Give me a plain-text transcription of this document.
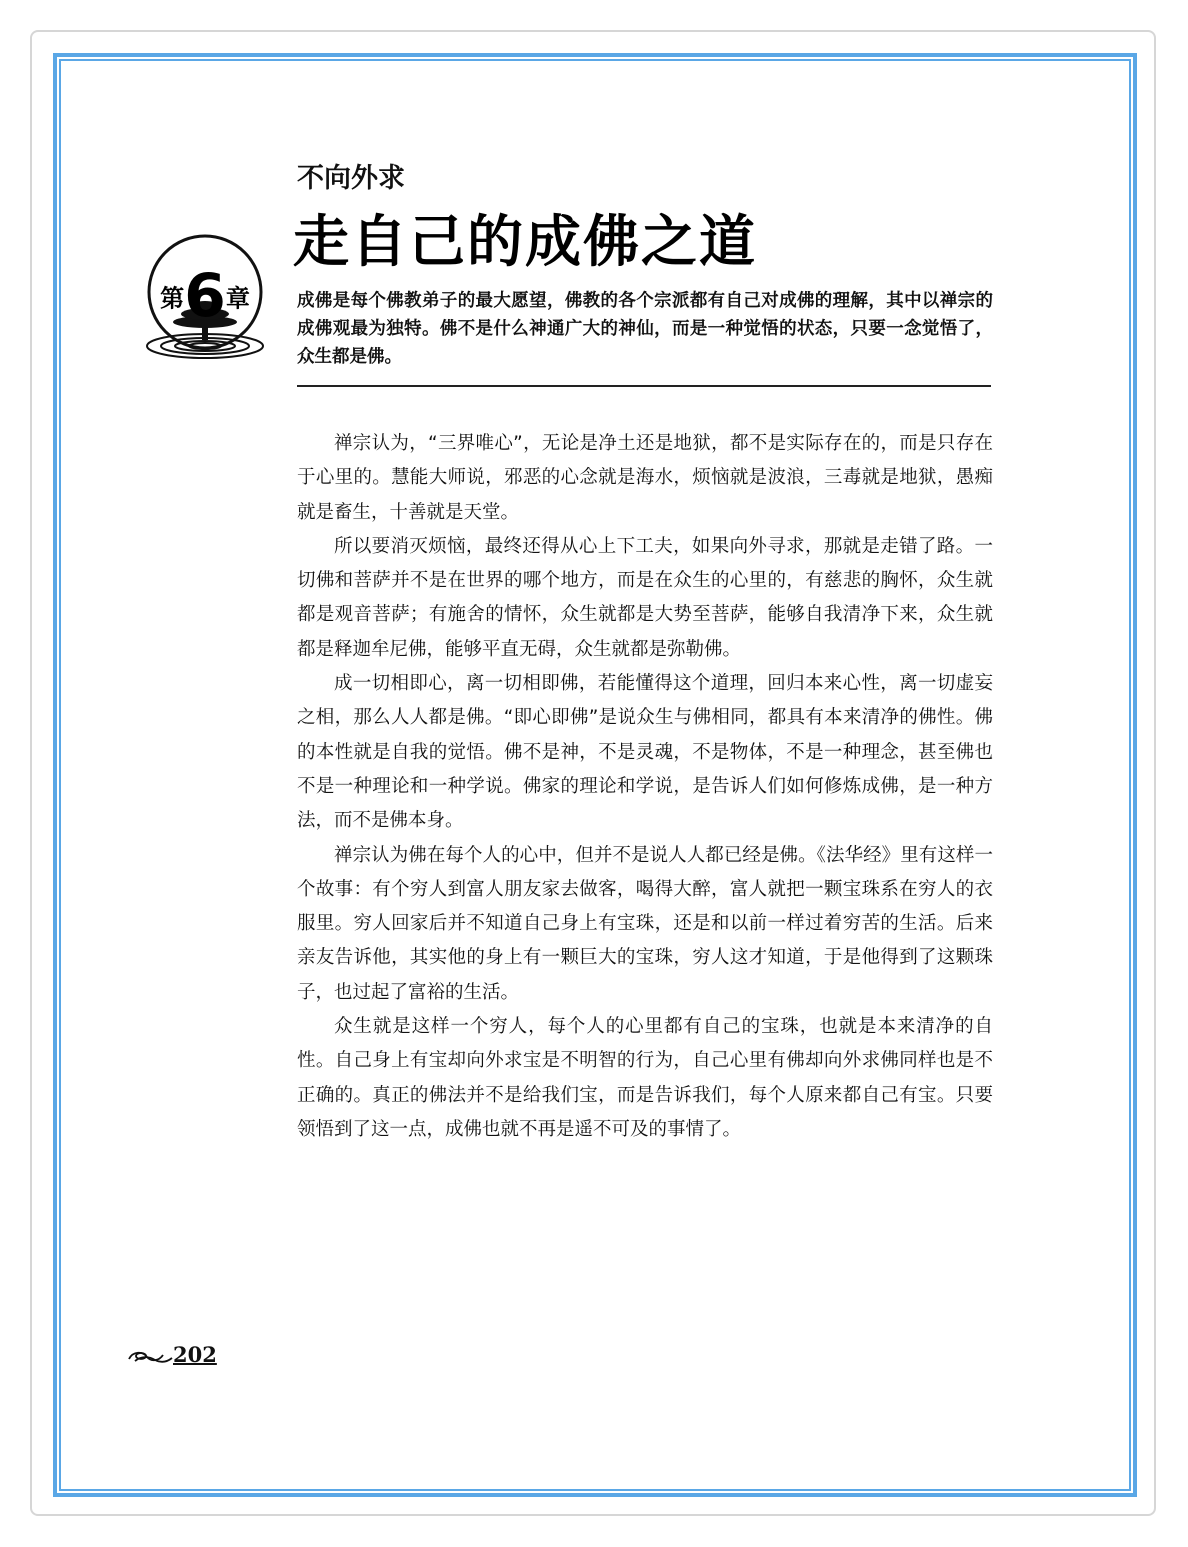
不向外求
走自己的成佛之道
第6章	成佛是每个佛教弟子的最大愿望，佛教的各个宗派都有自己对成佛的理解，其中以禅宗的成佛观最为独特。佛不是什么神通广大的神仙，而是一种觉悟的状态，只要一念觉悟了，众生都是佛。

禅宗认为，“三界唯心”，无论是净土还是地狱，都不是实际存在的，而是只存在于心里的。慧能大师说，邪恶的心念就是海水，烦恼就是波浪，三毒就是地狱，愚痴就是畜生，十善就是天堂。

所以要消灭烦恼，最终还得从心上下工夫，如果向外寻求，那就是走错了路。一切佛和菩萨并不是在世界的哪个地方，而是在众生的心里的，有慈悲的胸怀，众生就都是观音菩萨；有施舍的情怀，众生就都是大势至菩萨，能够自我清净下来，众生就都是释迦牟尼佛，能够平直无碍，众生就都是弥勒佛。

成一切相即心，离一切相即佛，若能懂得这个道理，回归本来心性，离一切虚妄之相，那么人人都是佛。“即心即佛”是说众生与佛相同，都具有本来清净的佛性。佛的本性就是自我的觉悟。佛不是神，不是灵魂，不是物体，不是一种理念，甚至佛也不是一种理论和一种学说。佛家的理论和学说，是告诉人们如何修炼成佛，是一种方法，而不是佛本身。

禅宗认为佛在每个人的心中，但并不是说人人都已经是佛。《法华经》里有这样一个故事：有个穷人到富人朋友家去做客，喝得大醉，富人就把一颗宝珠系在穷人的衣服里。穷人回家后并不知道自己身上有宝珠，还是和以前一样过着穷苦的生活。后来亲友告诉他，其实他的身上有一颗巨大的宝珠，穷人这才知道，于是他得到了这颗珠子，也过起了富裕的生活。

众生就是这样一个穷人，每个人的心里都有自己的宝珠，也就是本来清净的自性。自己身上有宝却向外求宝是不明智的行为，自己心里有佛却向外求佛同样也是不正确的。真正的佛法并不是给我们宝，而是告诉我们，每个人原来都自己有宝。只要领悟到了这一点，成佛也就不再是遥不可及的事情了。

202
